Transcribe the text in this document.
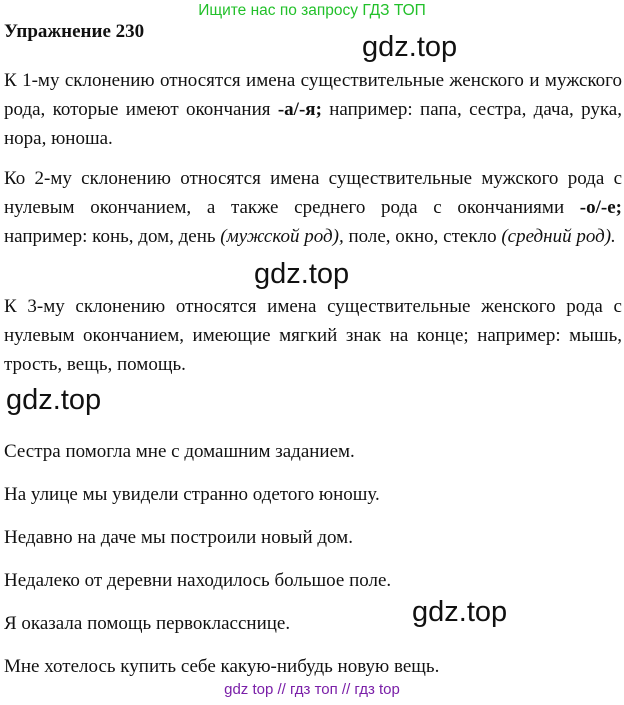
Ищите нас по запросу ГДЗ ТОП
Упражнение 230	gdz.top
К 1-му склонению относятся имена существительные женского и мужского рода, которые имеют окончания -а/-я; например: папа, сестра, дача, рука, нора, юноша.
Ко 2-му склонению относятся имена существительные мужского рода с нулевым окончанием, а также среднего рода с окончаниями -о/-е; например: конь, дом, день (мужской род), поле, окно, стекло (средний род).
gdz.top
К 3-му склонению относятся имена существительные женского рода с нулевым окончанием, имеющие мягкий знак на конце; например: мышь, трость, вещь, помощь.
gdz.top
Сестра помогла мне с домашним заданием.
На улице мы увидели странно одетого юношу.
Недавно на даче мы построили новый дом.
Недалеко от деревни находилось большое поле.
gdz.top
Я оказала помощь первокласснице.
Мне хотелось купить себе какую-нибудь новую вещь.
gdz top // гдз топ // гдз top
